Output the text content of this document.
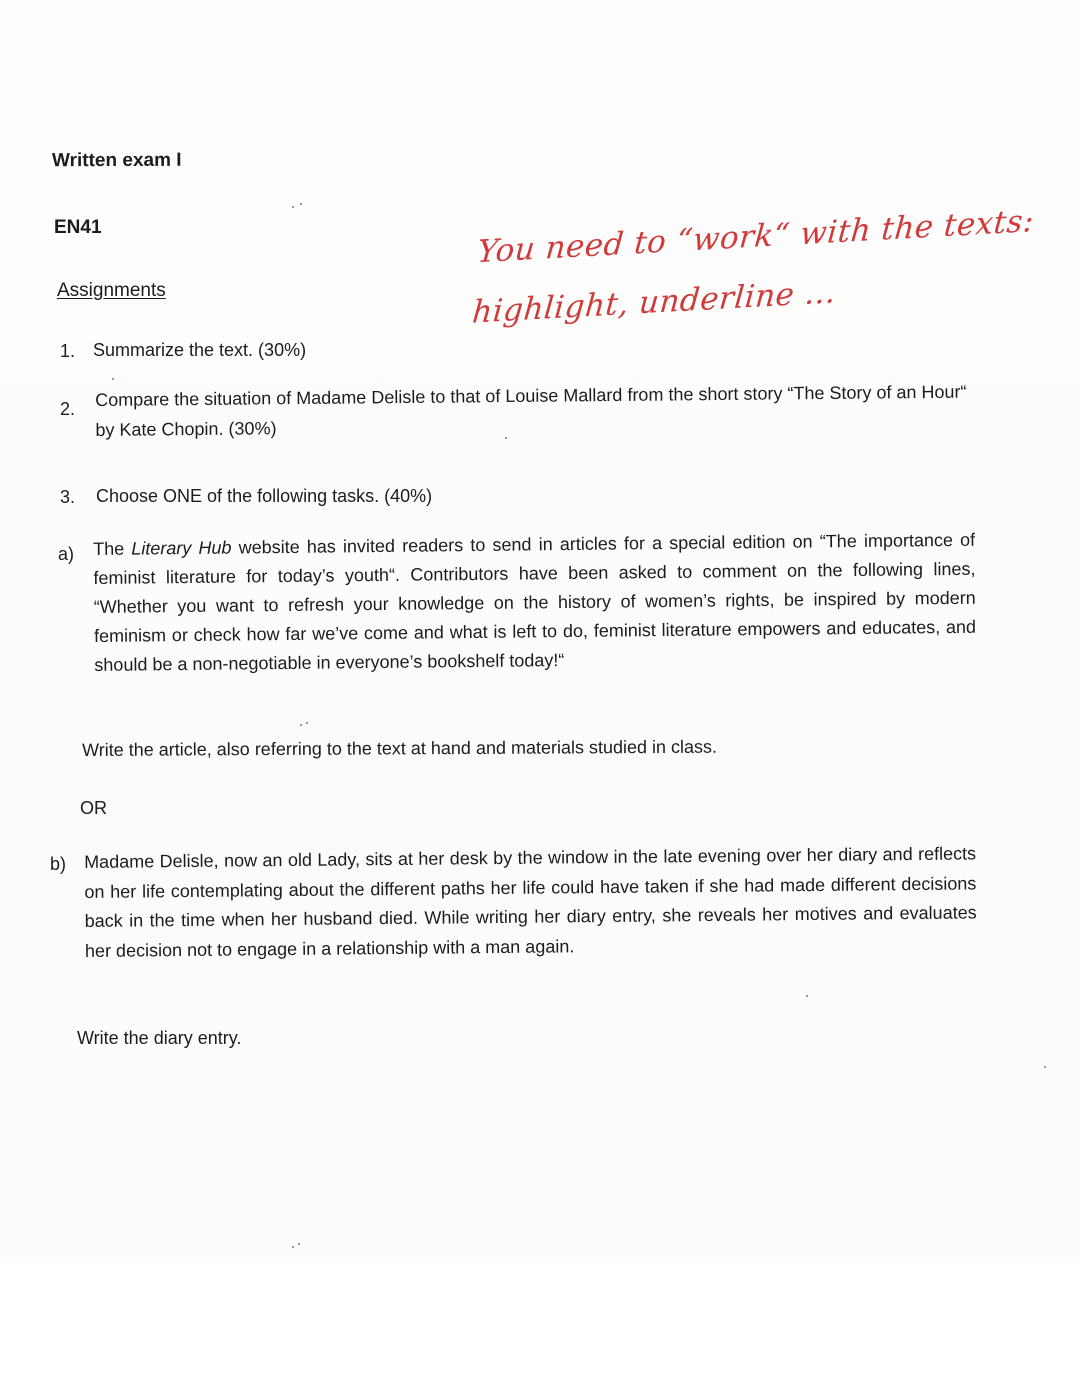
Written exam I
EN41
Assignments
You need to “work“ with the texts:
highlight, underline ...
1. Summarize the text. (30%)
2. Compare the situation of Madame Delisle to that of Louise Mallard from the short story “The Story of an Hour“ by Kate Chopin. (30%)
3. Choose ONE of the following tasks. (40%)
a) The Literary Hub website has invited readers to send in articles for a special edition on “The importance of feminist literature for today’s youth“. Contributors have been asked to comment on the following lines, “Whether you want to refresh your knowledge on the history of women’s rights, be inspired by modern feminism or check how far we’ve come and what is left to do, feminist literature empowers and educates, and should be a non-negotiable in everyone’s bookshelf today!“
Write the article, also referring to the text at hand and materials studied in class.
OR
b) Madame Delisle, now an old Lady, sits at her desk by the window in the late evening over her diary and reflects on her life contemplating about the different paths her life could have taken if she had made different decisions back in the time when her husband died. While writing her diary entry, she reveals her motives and evaluates her decision not to engage in a relationship with a man again.
Write the diary entry.
